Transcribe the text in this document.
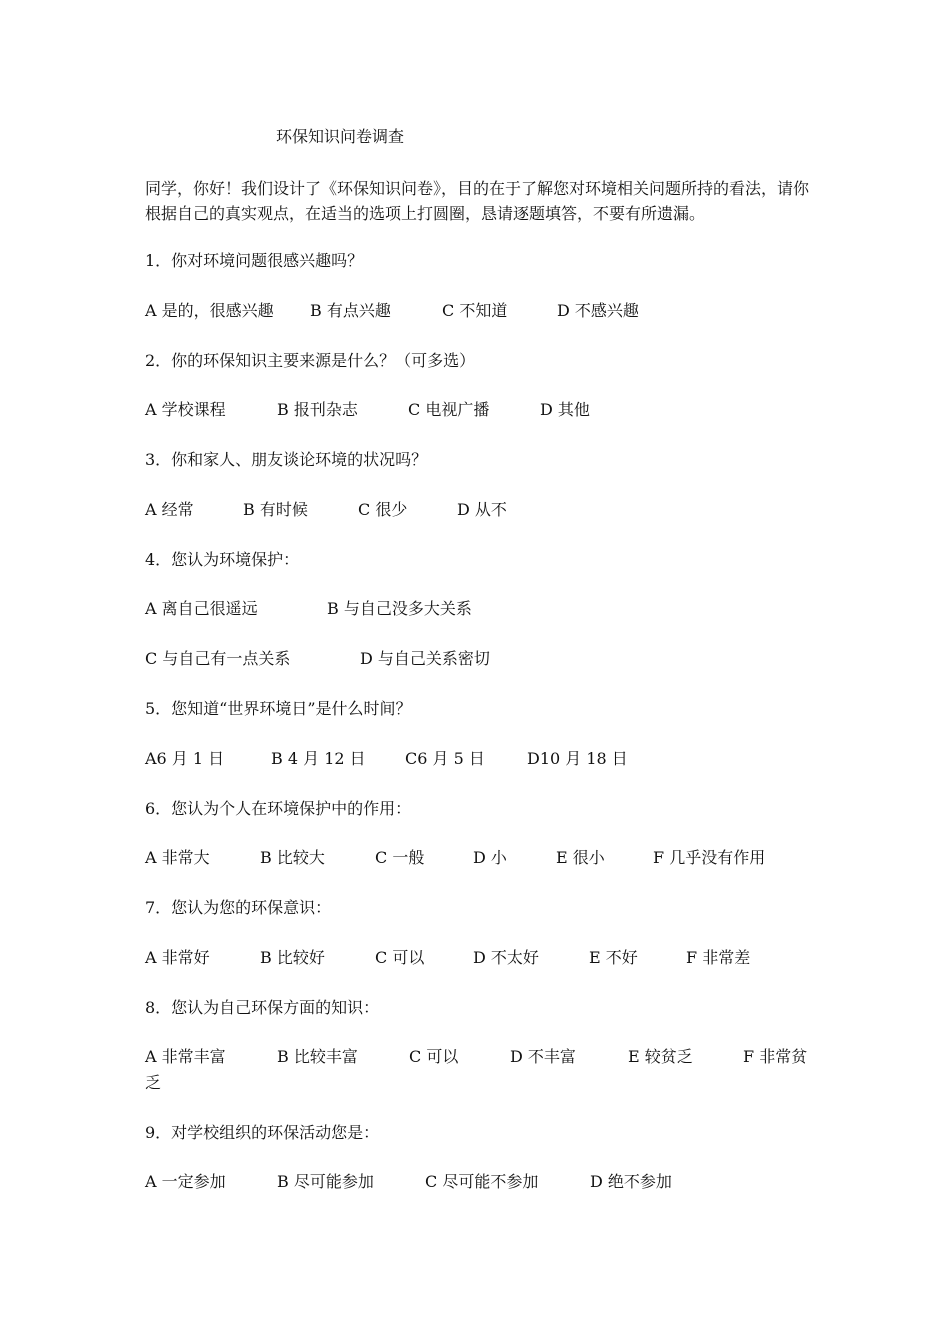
环保知识问卷调查
同学，你好！我们设计了《环保知识问卷》，目的在于了解您对环境相关问题所持的看法，请你根据自己的真实观点，在适当的选项上打圆圈，恳请逐题填答，不要有所遗漏。
1．你对环境问题很感兴趣吗？
A 是的，很感兴趣 B 有点兴趣	C 不知道	D 不感兴趣
2．你的环保知识主要来源是什么？（可多选）
A 学校课程	B 报刊杂志	C 电视广播	D 其他
3．你和家人、朋友谈论环境的状况吗？
A 经常	B 有时候	C 很少	D 从不
4．您认为环境保护：
A 离自己很遥远	B 与自己没多大关系
C 与自己有一点关系	D 与自己关系密切
5．您知道“世界环境日”是什么时间？
A6 月 1 日	B 4 月 12 日 C6 月 5 日	D10 月 18 日
6．您认为个人在环境保护中的作用：
A 非常大	B 比较大	C 一般	D 小	E 很小	F 几乎没有作用
7．您认为您的环保意识：
A 非常好	B 比较好	C 可以	D 不太好	E 不好	F 非常差
8．您认为自己环保方面的知识：
A 非常丰富	B 比较丰富	C 可以	D 不丰富	E 较贫乏	F 非常贫
乏
9．对学校组织的环保活动您是：
A 一定参加	B 尽可能参加	C 尽可能不参加	D 绝不参加
